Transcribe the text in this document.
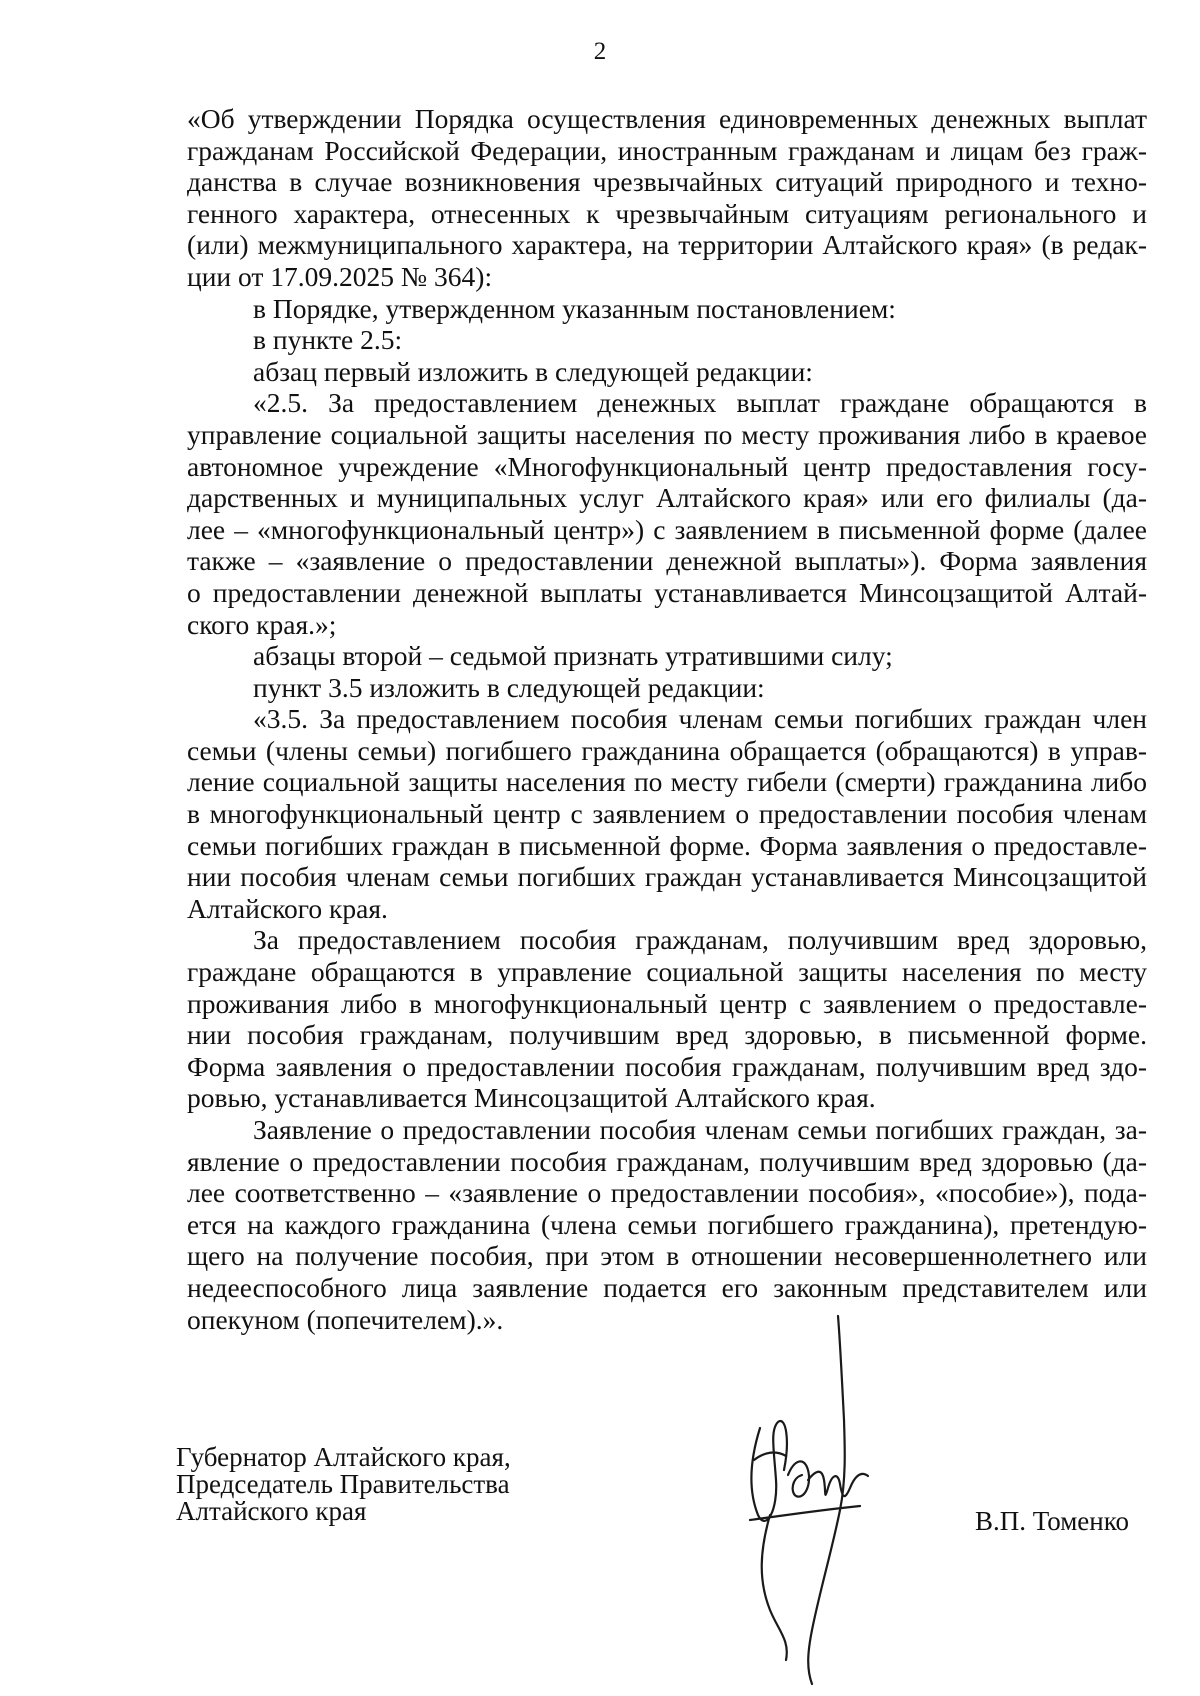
2

«Об утверждении Порядка осуществления единовременных денежных выплат

гражданам Российской Федерации, иностранным гражданам и лицам без граж-

данства в случае возникновения чрезвычайных ситуаций природного и техно-

генного характера, отнесенных к чрезвычайным ситуациям регионального и

(или) межмуниципального характера, на территории Алтайского края» (в редак-

ции от 17.09.2025 № 364):

в Порядке, утвержденном указанным постановлением:

в пункте 2.5:

абзац первый изложить в следующей редакции:

«2.5. За предоставлением денежных выплат граждане обращаются в

управление социальной защиты населения по месту проживания либо в краевое

автономное учреждение «Многофункциональный центр предоставления госу-

дарственных и муниципальных услуг Алтайского края» или его филиалы (да-

лее – «многофункциональный центр») с заявлением в письменной форме (далее

также – «заявление о предоставлении денежной выплаты»). Форма заявления

о предоставлении денежной выплаты устанавливается Минсоцзащитой Алтай-

ского края.»;

абзацы второй – седьмой признать утратившими силу;

пункт 3.5 изложить в следующей редакции:

«3.5. За предоставлением пособия членам семьи погибших граждан член

семьи (члены семьи) погибшего гражданина обращается (обращаются) в управ-

ление социальной защиты населения по месту гибели (смерти) гражданина либо

в многофункциональный центр с заявлением о предоставлении пособия членам

семьи погибших граждан в письменной форме. Форма заявления о предоставле-

нии пособия членам семьи погибших граждан устанавливается Минсоцзащитой

Алтайского края.

За предоставлением пособия гражданам, получившим вред здоровью,

граждане обращаются в управление социальной защиты населения по месту

проживания либо в многофункциональный центр с заявлением о предоставле-

нии пособия гражданам, получившим вред здоровью, в письменной форме.

Форма заявления о предоставлении пособия гражданам, получившим вред здо-

ровью, устанавливается Минсоцзащитой Алтайского края.

Заявление о предоставлении пособия членам семьи погибших граждан, за-

явление о предоставлении пособия гражданам, получившим вред здоровью (да-

лее соответственно – «заявление о предоставлении пособия», «пособие»), пода-

ется на каждого гражданина (члена семьи погибшего гражданина), претендую-

щего на получение пособия, при этом в отношении несовершеннолетнего или

недееспособного лица заявление подается его законным представителем или

опекуном (попечителем).».

Губернатор Алтайского края,
Председатель Правительства
Алтайского края	В.П. Томенко
